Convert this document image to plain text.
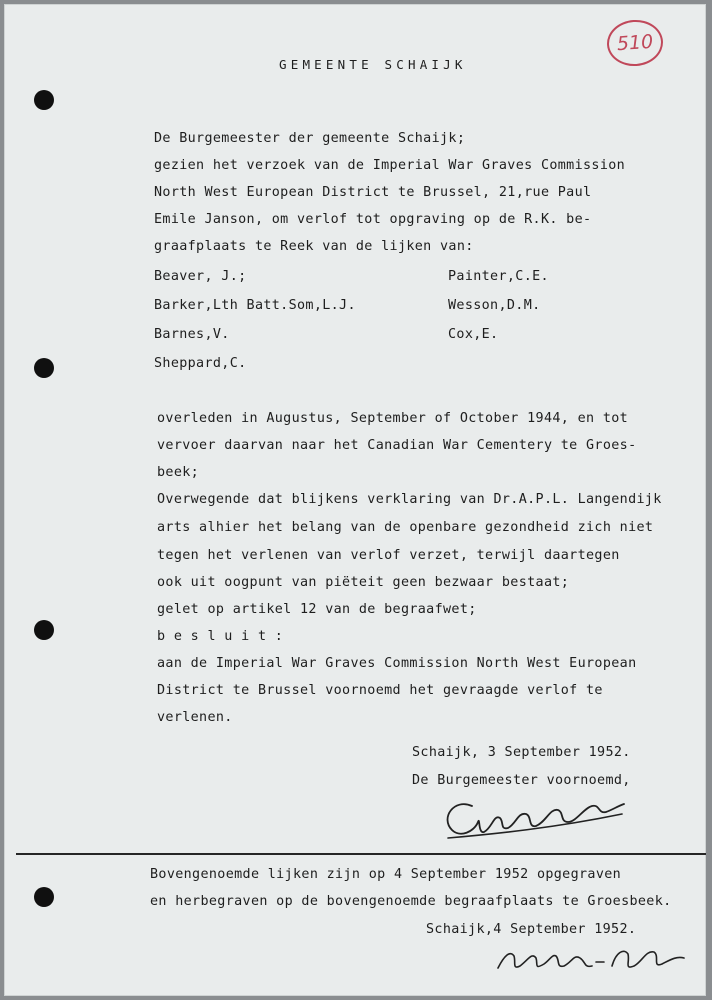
510
GEMEENTE SCHAIJK
De Burgemeester der gemeente Schaijk;
gezien het verzoek van de Imperial War Graves Commission
North West European District te Brussel, 21,rue Paul
Emile Janson, om verlof tot opgraving op de R.K. be-
graafplaats te Reek van de lijken van:
Beaver, J.;
Barker,Lth Batt.Som,L.J.
Barnes,V.
Sheppard,C.
Painter,C.E.
Wesson,D.M.
Cox,E.
overleden in Augustus, September of October 1944, en tot
vervoer daarvan naar het Canadian War Cementery te Groes-
beek;
Overwegende dat blijkens verklaring van Dr.A.P.L. Langendijk
arts alhier het belang van de openbare gezondheid zich niet
tegen het verlenen van verlof verzet, terwijl daartegen
ook uit oogpunt van piëteit geen bezwaar bestaat;
gelet op artikel 12 van de begraafwet;
b e s l u i t :
aan de Imperial War Graves Commission North West European
District te Brussel voornoemd het gevraagde verlof te
verlenen.
Schaijk, 3 September 1952.
De Burgemeester voornoemd,
Bovengenoemde lijken zijn op 4 September 1952 opgegraven
en herbegraven op de bovengenoemde begraafplaats te Groesbeek.
Schaijk,4 September 1952.
